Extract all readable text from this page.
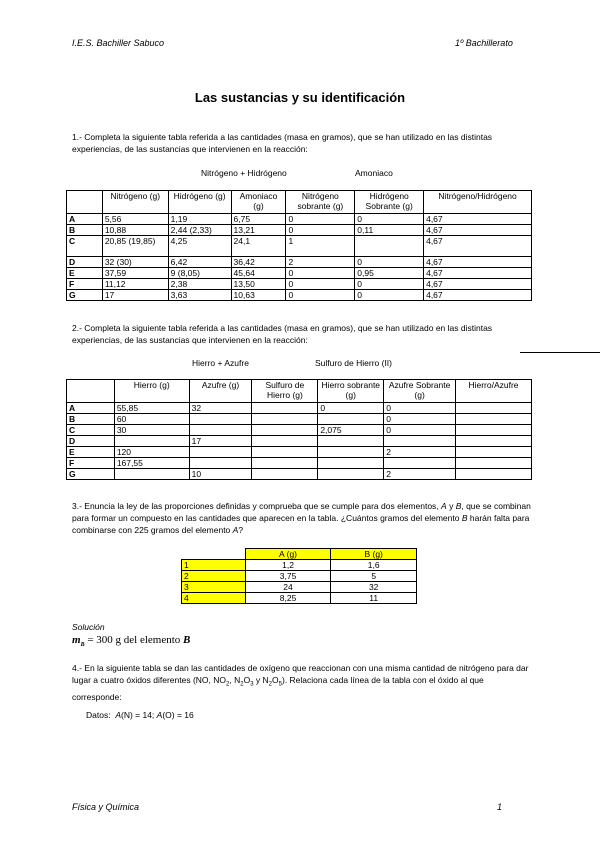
I.E.S. Bachiller Sabuco	1º Bachillerato
Las sustancias y su identificación
1.- Completa la siguiente tabla referida a las cantidades (masa en gramos), que se han utilizado en las distintas experiencias, de las sustancias que intervienen en la reacción:
Nitrógeno + Hidrógeno	Amoniaco
	Nitrógeno (g)	Hidrógeno (g)	Amoniaco (g)	Nitrógeno sobrante (g)	Hidrógeno Sobrante (g)	Nitrógeno/Hidrógeno
A	5,56	1,19	6,75	0	0	4,67
B	10,88	2,44 (2,33)	13,21	0	0,11	4,67
C	20,85 (19,85)	4,25	24,1	1		4,67
D	32 (30)	6,42	36,42	2	0	4,67
E	37,59	9 (8,05)	45,64	0	0,95	4,67
F	11,12	2,38	13,50	0	0	4,67
G	17	3,63	10,63	0	0	4,67
2.- Completa la siguiente tabla referida a las cantidades (masa en gramos), que se han utilizado en las distintas experiencias, de las sustancias que intervienen en la reacción:
Hierro + Azufre	Sulfuro de Hierro (II)
	Hierro (g)	Azufre (g)	Sulfuro de Hierro (g)	Hierro sobrante (g)	Azufre Sobrante (g)	Hierro/Azufre
A	55,85	32		0	0	
B	60				0	
C	30			2,075	0	
D		17				
E	120				2	
F	167,55					
G		10			2	
3.- Enuncia la ley de las proporciones definidas y comprueba que se cumple para dos elementos, A y B, que se combinan para formar un compuesto en las cantidades que aparecen en la tabla. ¿Cuántos gramos del elemento B harán falta para combinarse con 225 gramos del elemento A?
	A (g)	B (g)
1	1,2	1,6
2	3,75	5
3	24	32
4	8,25	11
Solución
$m_B = 300$ g del elemento B
4.- En la siguiente tabla se dan las cantidades de oxígeno que reaccionan con una misma cantidad de nitrógeno para dar lugar a cuatro óxidos diferentes (NO, $NO_2$, $N_2O_3$ y $N_2O_5$). Relaciona cada línea de la tabla con el óxido al que corresponde:
Datos: A(N) = 14; A(O) = 16
Física y Química	1
